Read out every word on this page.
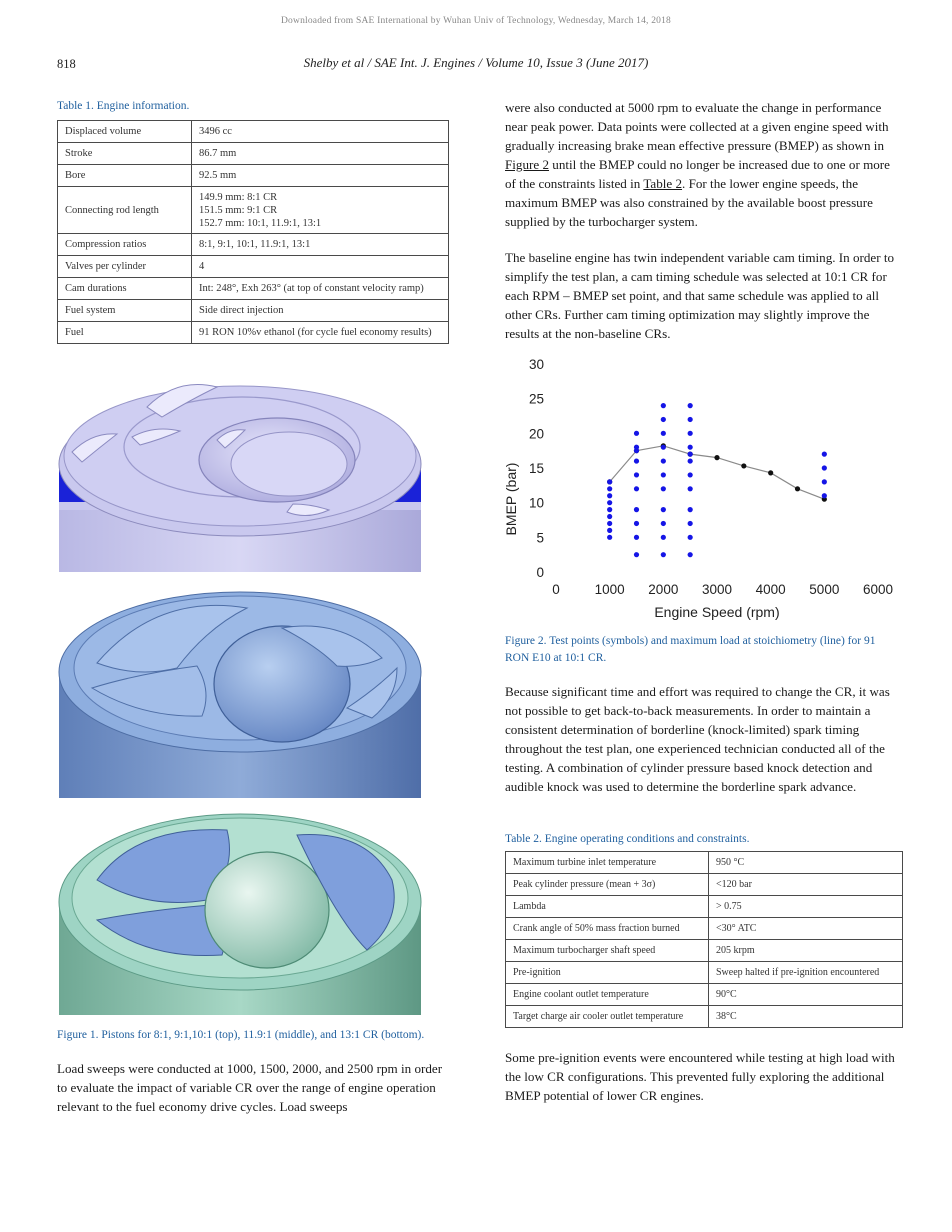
Downloaded from SAE International by Wuhan Univ of Technology, Wednesday, March 14, 2018
818	Shelby et al / SAE Int. J. Engines / Volume 10, Issue 3 (June 2017)
Table 1. Engine information.
Displaced volume	3496 cc
Stroke	86.7 mm
Bore	92.5 mm
Connecting rod length	149.9 mm: 8:1 CR
151.5 mm: 9:1 CR
152.7 mm: 10:1, 11.9:1, 13:1

Compression ratios	8:1, 9:1, 10:1, 11.9:1, 13:1
Valves per cylinder	4
Cam durations	Int: 248°, Exh 263° (at top of constant velocity ramp)
Fuel system	Side direct injection
Fuel	91 RON 10%v ethanol (for cycle fuel economy results)
Figure 1. Pistons for 8:1, 9:1,10:1 (top), 11.9:1 (middle), and 13:1 CR (bottom).

Load sweeps were conducted at 1000, 1500, 2000, and 2500 rpm in order to evaluate the impact of variable CR over the range of engine operation relevant to the fuel economy drive cycles. Load sweeps

were also conducted at 5000 rpm to evaluate the change in performance near peak power. Data points were collected at a given engine speed with gradually increasing brake mean effective pressure (BMEP) as shown in Figure 2 until the BMEP could no longer be increased due to one or more of the constraints listed in Table 2. For the lower engine speeds, the maximum BMEP was also constrained by the available boost pressure supplied by the turbocharger system.

The baseline engine has twin independent variable cam timing. In order to simplify the test plan, a cam timing schedule was selected at 10:1 CR for each RPM – BMEP set point, and that same schedule was applied to all other CRs. Further cam timing optimization may slightly improve the results at the non-baseline CRs.

0	1000 2000 3000 4000 5000 6000
0
5
10
15
20
25
30
Engine Speed (rpm)
BMEP (bar)
Figure 2. Test points (symbols) and maximum load at stoichiometry (line) for 91 RON E10 at 10:1 CR.

Because significant time and effort was required to change the CR, it was not possible to get back-to-back measurements. In order to maintain a consistent determination of borderline (knock-limited) spark timing throughout the test plan, one experienced technician conducted all of the testing. A combination of cylinder pressure based knock detection and audible knock was used to determine the borderline spark advance.

Table 2. Engine operating conditions and constraints.
Maximum turbine inlet temperature	950 °C
Peak cylinder pressure (mean + 3σ)	<120 bar
Lambda	> 0.75
Crank angle of 50% mass fraction burned	<30° ATC
Maximum turbocharger shaft speed	205 krpm
Pre-ignition	Sweep halted if pre-ignition encountered
Engine coolant outlet temperature	90°C
Target charge air cooler outlet temperature	38°C

Some pre-ignition events were encountered while testing at high load with the low CR configurations. This prevented fully exploring the additional BMEP potential of lower CR engines.
